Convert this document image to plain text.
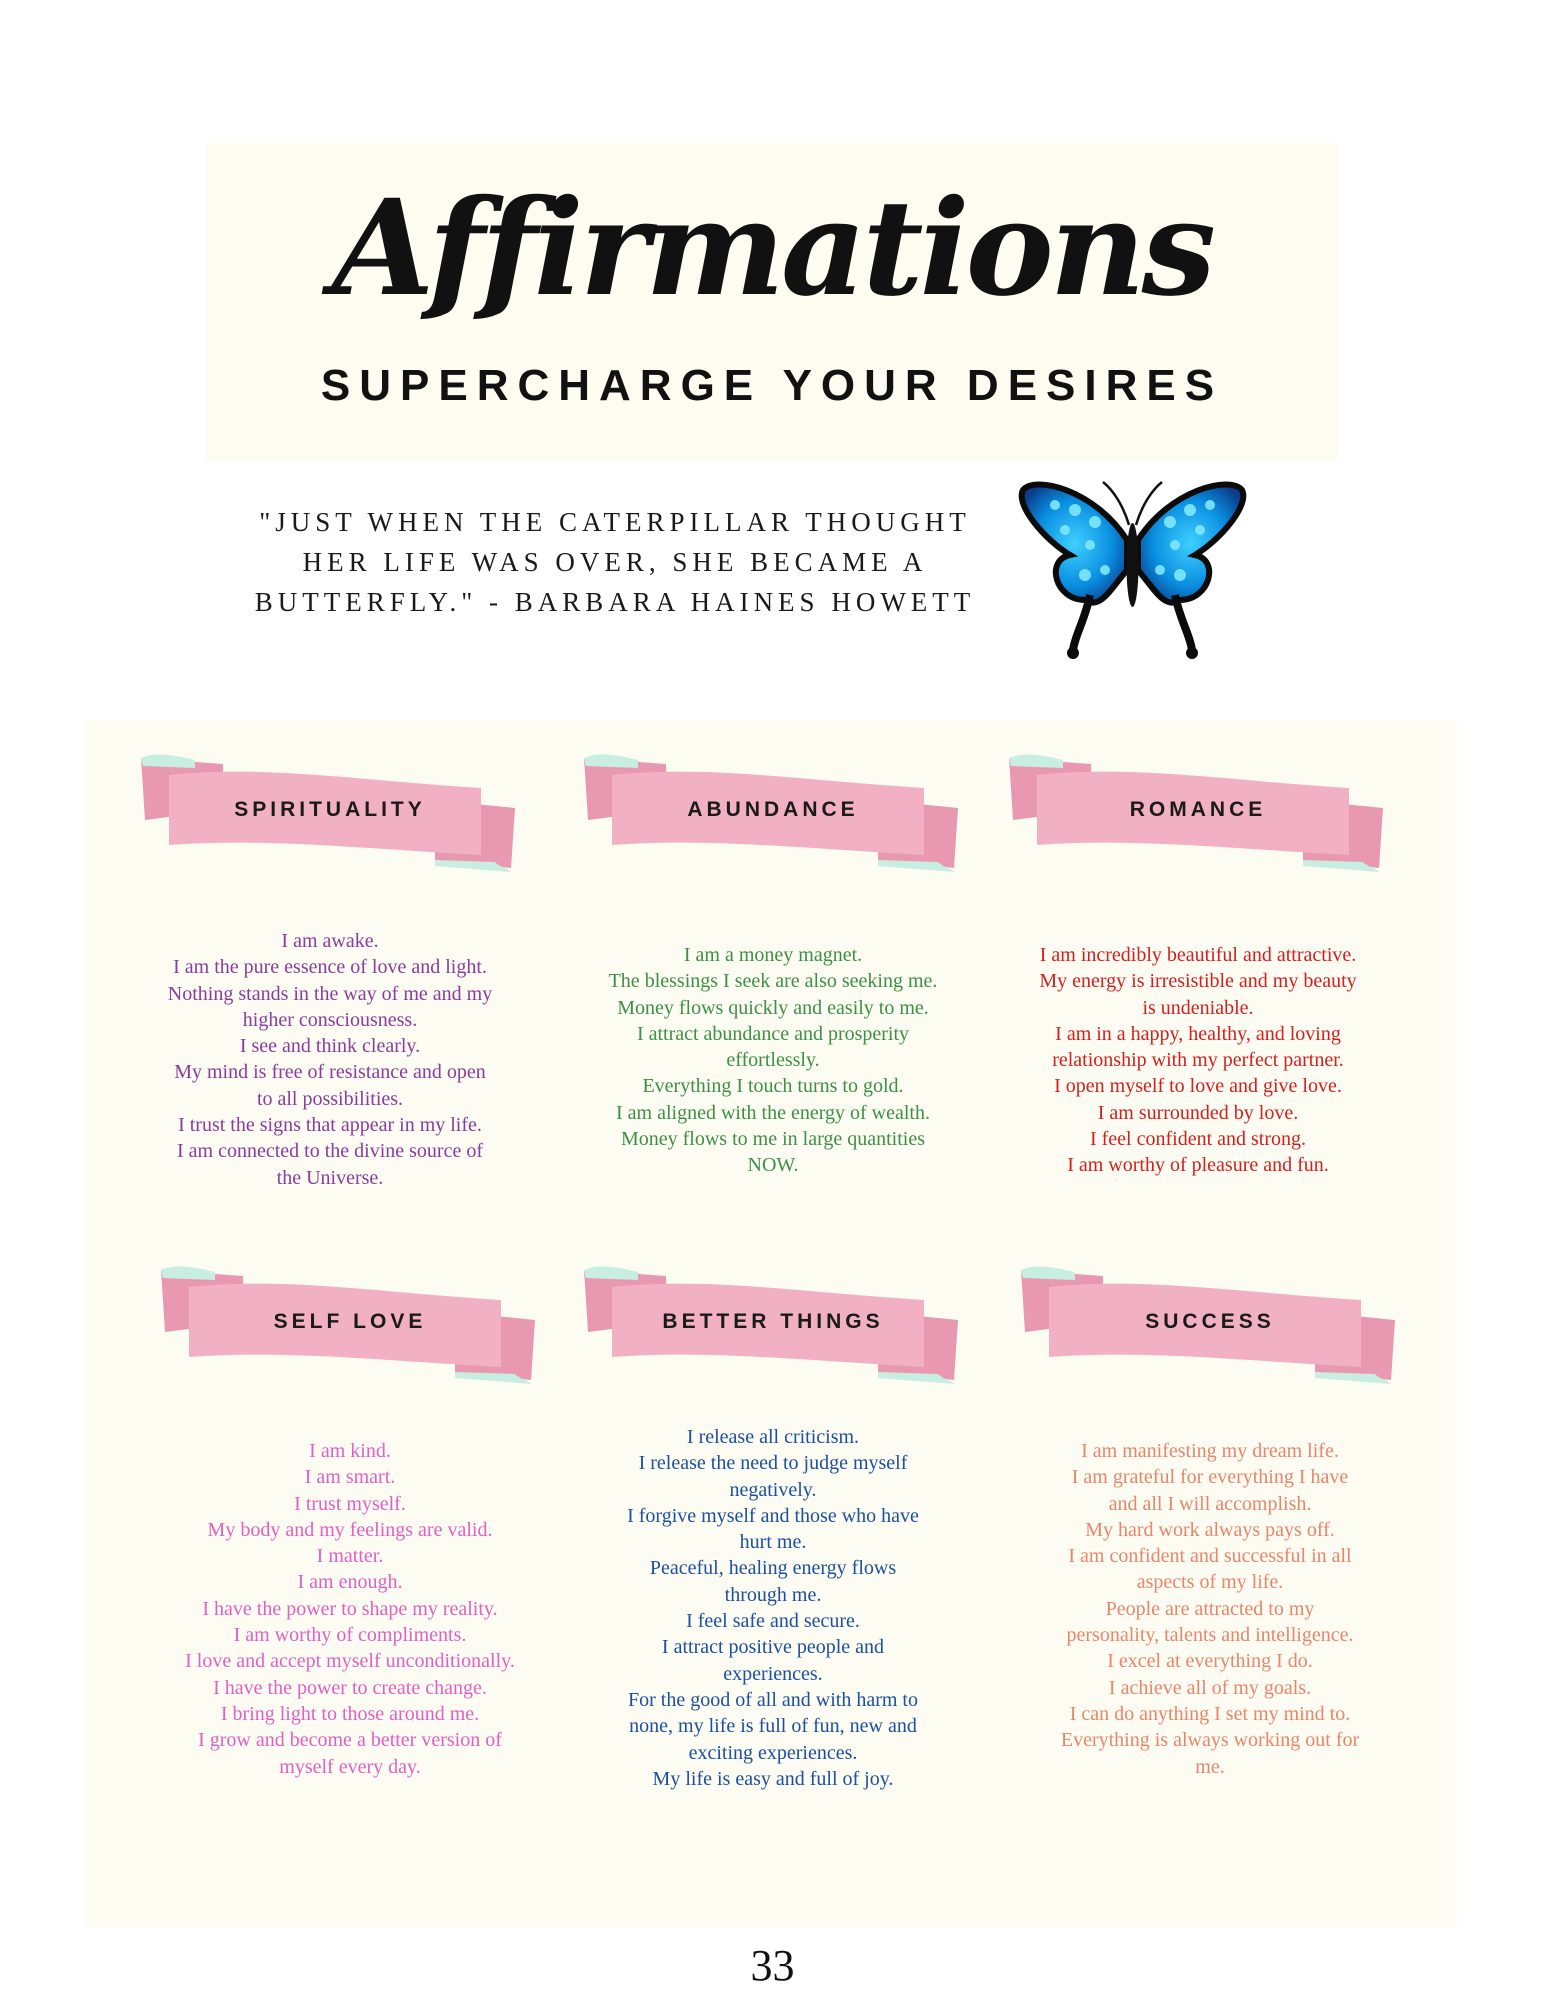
Affirmations
SUPERCHARGE YOUR DESIRES
"JUST WHEN THE CATERPILLAR THOUGHT
HER LIFE WAS OVER, SHE BECAME A
BUTTERFLY." - BARBARA HAINES HOWETT
SPIRITUALITY
I am awake.
I am the pure essence of love and light.
Nothing stands in the way of me and my
higher consciousness.
I see and think clearly.
My mind is free of resistance and open
to all possibilities.
I trust the signs that appear in my life.
I am connected to the divine source of
the Universe.
ABUNDANCE
I am a money magnet.
The blessings I seek are also seeking me.
Money flows quickly and easily to me.
I attract abundance and prosperity
effortlessly.
Everything I touch turns to gold.
I am aligned with the energy of wealth.
Money flows to me in large quantities
NOW.
ROMANCE
I am incredibly beautiful and attractive.
My energy is irresistible and my beauty
is undeniable.
I am in a happy, healthy, and loving
relationship with my perfect partner.
I open myself to love and give love.
I am surrounded by love.
I feel confident and strong.
I am worthy of pleasure and fun.
SELF LOVE
I am kind.
I am smart.
I trust myself.
My body and my feelings are valid.
I matter.
I am enough.
I have the power to shape my reality.
I am worthy of compliments.
I love and accept myself unconditionally.
I have the power to create change.
I bring light to those around me.
I grow and become a better version of
myself every day.
BETTER THINGS
I release all criticism.
I release the need to judge myself
negatively.
I forgive myself and those who have
hurt me.
Peaceful, healing energy flows
through me.
I feel safe and secure.
I attract positive people and
experiences.
For the good of all and with harm to
none, my life is full of fun, new and
exciting experiences.
My life is easy and full of joy.
SUCCESS
I am manifesting my dream life.
I am grateful for everything I have
and all I will accomplish.
My hard work always pays off.
I am confident and successful in all
aspects of my life.
People are attracted to my
personality, talents and intelligence.
I excel at everything I do.
I achieve all of my goals.
I can do anything I set my mind to.
Everything is always working out for
me.
33
